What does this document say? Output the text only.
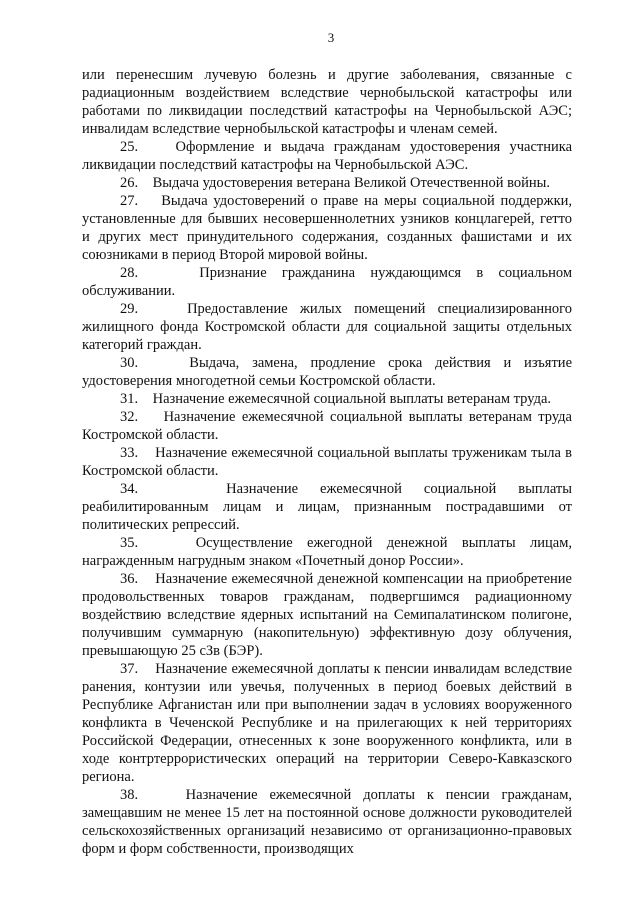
3

или перенесшим лучевую болезнь и другие заболевания, связанные с радиационным воздействием вследствие чернобыльской катастрофы или работами по ликвидации последствий катастрофы на Чернобыльской АЭС; инвалидам вследствие чернобыльской катастрофы и членам семей.

25.	Оформление и выдача гражданам удостоверения участника ликвидации последствий катастрофы на Чернобыльской АЭС.

26. Выдача удостоверения ветерана Великой Отечественной войны.

27. Выдача удостоверений о праве на меры социальной поддержки, установленные для бывших несовершеннолетних узников концлагерей, гетто и других мест принудительного содержания, созданных фашистами и их союзниками в период Второй мировой войны.

28.	Признание гражданина нуждающимся в социальном обслуживании.

29.	Предоставление жилых помещений специализированного жилищного фонда Костромской области для социальной защиты отдельных категорий граждан.

30.	Выдача, замена, продление срока действия и изъятие удостоверения многодетной семьи Костромской области.

31. Назначение ежемесячной социальной выплаты ветеранам труда.

32. Назначение ежемесячной социальной выплаты ветеранам труда Костромской области.

33. Назначение ежемесячной социальной выплаты труженикам тыла в Костромской области.

34.	Назначение ежемесячной социальной выплаты реабилитированным лицам и лицам, признанным пострадавшими от политических репрессий.

35.	Осуществление ежегодной денежной выплаты лицам, награжденным нагрудным знаком «Почетный донор России».

36. Назначение ежемесячной денежной компенсации на приобретение продовольственных товаров гражданам, подвергшимся радиационному воздействию вследствие ядерных испытаний на Семипалатинском полигоне, получившим суммарную (накопительную) эффективную дозу облучения, превышающую 25 сЗв (БЭР).

37. Назначение ежемесячной доплаты к пенсии инвалидам вследствие ранения, контузии или увечья, полученных в период боевых действий в Республике Афганистан или при выполнении задач в условиях вооруженного конфликта в Чеченской Республике и на прилегающих к ней территориях Российской Федерации, отнесенных к зоне вооруженного конфликта, или в ходе контртеррористических операций на территории Северо-Кавказского региона.

38.	Назначение ежемесячной доплаты к пенсии гражданам, замещавшим не менее 15 лет на постоянной основе должности руководителей сельскохозяйственных организаций независимо от организационно-правовых форм и форм собственности, производящих
